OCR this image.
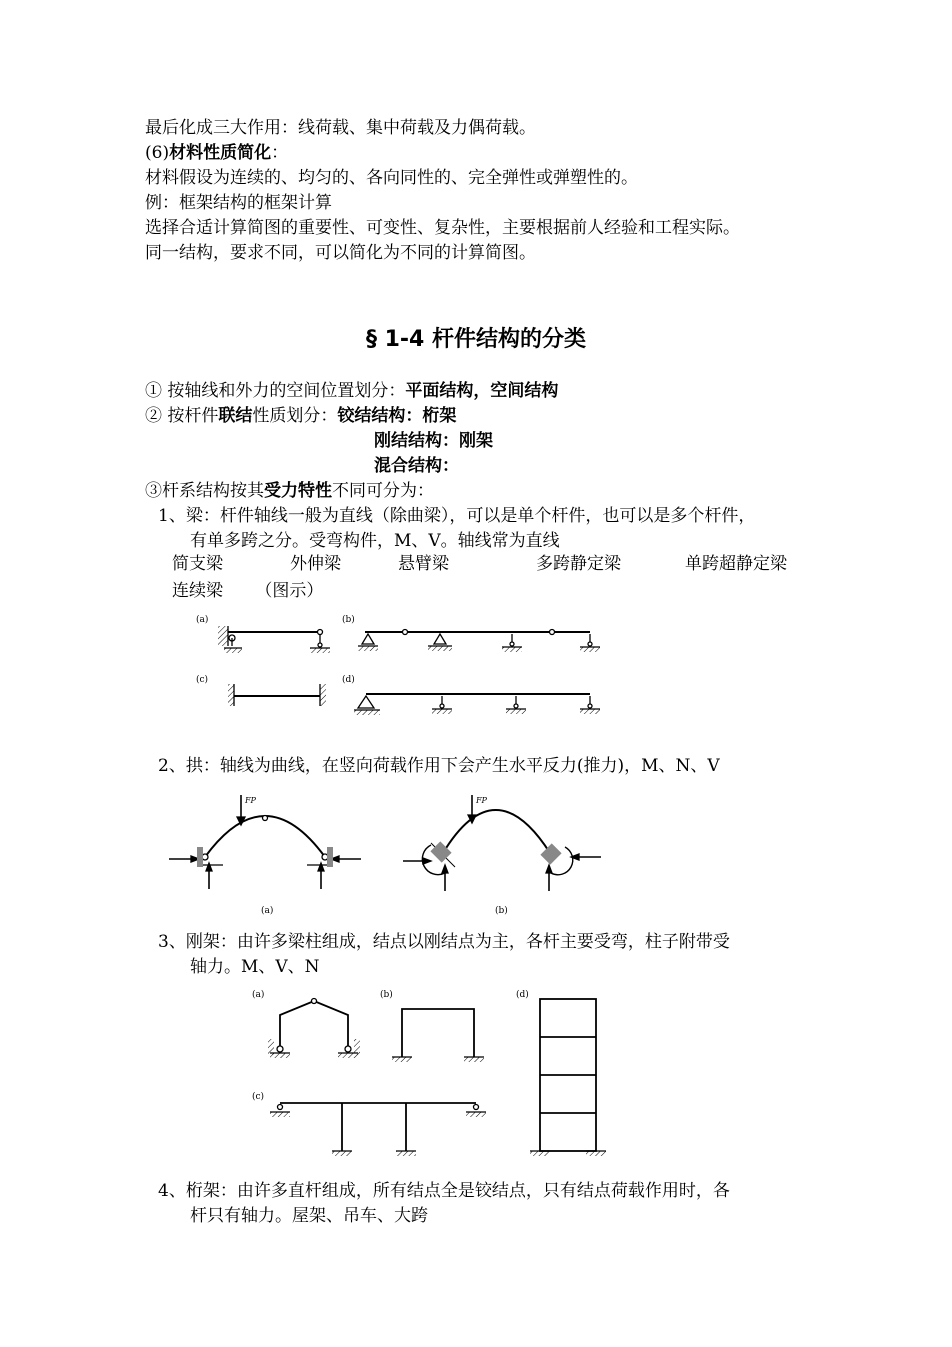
最后化成三大作用：线荷载、集中荷载及力偶荷载。
(6)材料性质简化：
材料假设为连续的、均匀的、各向同性的、完全弹性或弹塑性的。
例：框架结构的框架计算
选择合适计算简图的重要性、可变性、复杂性，主要根据前人经验和工程实际。
同一结构，要求不同，可以简化为不同的计算简图。
§ 1-4 杆件结构的分类
① 按轴线和外力的空间位置划分：平面结构，空间结构
② 按杆件联结性质划分：铰结结构：桁架
刚结结构：刚架
混合结构：
③杆系结构按其受力特性不同可分为：
1、梁：杆件轴线一般为直线（除曲梁），可以是单个杆件，也可以是多个杆件，
有单多跨之分。受弯构件，M、V。轴线常为直线
简支梁	外伸梁	悬臂梁	多跨静定梁	单跨超静定梁
连续梁      （图示）
(a)	(b)
(c)	(d)
2、拱：轴线为曲线，在竖向荷载作用下会产生水平反力(推力)，M、N、V
FP
(a)
FP
(b)
3、刚架：由许多梁柱组成，结点以刚结点为主，各杆主要受弯，柱子附带受
轴力。M、V、N
(a)	(b)
(c)
(d)
4、桁架：由许多直杆组成，所有结点全是铰结点，只有结点荷载作用时，各
杆只有轴力。屋架、吊车、大跨
